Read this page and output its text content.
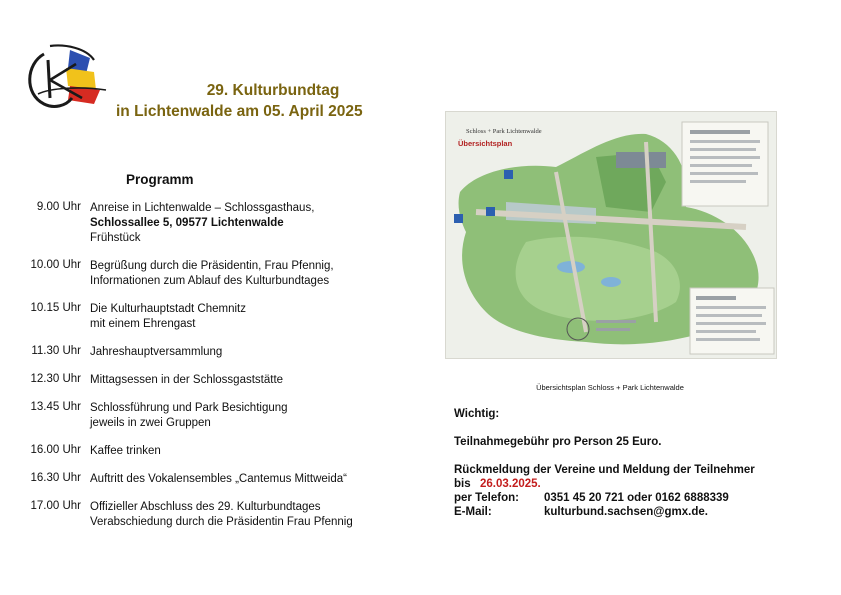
29. Kulturbundtag
in Lichtenwalde am 05. April 2025
Programm
9.00 Uhr Anreise in Lichtenwalde – Schlossgasthaus,
Schlossallee 5, 09577 Lichtenwalde
Frühstück
10.00 Uhr Begrüßung durch die Präsidentin, Frau Pfennig,
Informationen zum Ablauf des Kulturbundtages
10.15 Uhr Die Kulturhauptstadt Chemnitz
mit einem Ehrengast
11.30 Uhr Jahreshauptversammlung
12.30 Uhr Mittagsessen in der Schlossgaststätte
13.45 Uhr Schlossführung und Park Besichtigung
jeweils in zwei Gruppen
16.00 Uhr Kaffee trinken
16.30 Uhr Auftritt des Vokalensembles „Cantemus Mittweida“
17.00 Uhr Offizieller Abschluss des 29. Kulturbundtages
Verabschiedung durch die Präsidentin Frau Pfennig
Schloss + Park Lichtenwalde
Übersichtsplan
Übersichtsplan Schloss + Park Lichtenwalde
Wichtig:
Teilnahmegebühr pro Person 25 Euro.
Rückmeldung der Vereine und Meldung der Teilnehmer
bis 26.03.2025.
per Telefon:	0351 45 20 721 oder 0162 6888339
E-Mail:	kulturbund.sachsen@gmx.de.
